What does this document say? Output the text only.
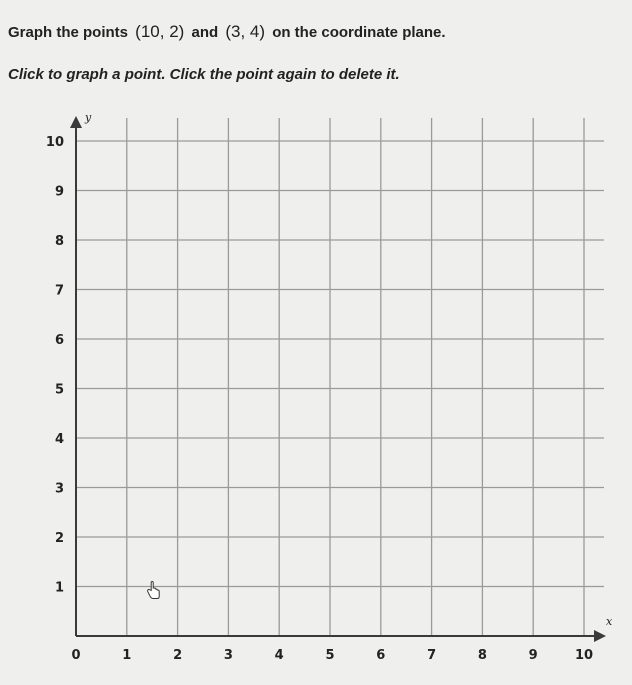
Graph the points (10, 2) and (3, 4) on the coordinate plane.
Click to graph a point. Click the point again to delete it.
y
x
0	1	2	3	4	5	6	7	8	9	10
1
2
3
4
5
6
7
8
9
10
